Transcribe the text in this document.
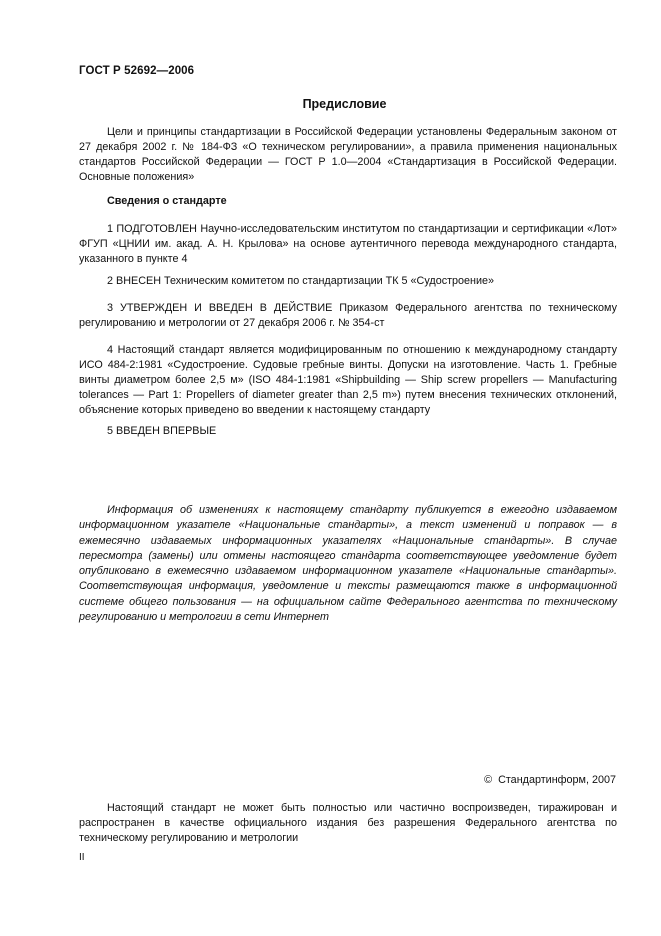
ГОСТ Р 52692—2006
Предисловие

Цели и принципы стандартизации в Российской Федерации установлены Федеральным законом от 27 декабря 2002 г. № 184-ФЗ «О техническом регулировании», а правила применения национальных стандартов Российской Федерации — ГОСТ Р 1.0—2004 «Стандартизация в Российской Федерации. Основные положения»

Сведения о стандарте
1 ПОДГОТОВЛЕН Научно-исследовательским институтом по стандартизации и сертификации «Лот» ФГУП «ЦНИИ им. акад. А. Н. Крылова» на основе аутентичного перевода международного стандарта, указанного в пункте 4
2 ВНЕСЕН Техническим комитетом по стандартизации ТК 5 «Судостроение»
3 УТВЕРЖДЕН И ВВЕДЕН В ДЕЙСТВИЕ Приказом Федерального агентства по техническому регулированию и метрологии от 27 декабря 2006 г. № 354-ст
4 Настоящий стандарт является модифицированным по отношению к международному стандарту ИСО 484-2:1981 «Судостроение. Судовые гребные винты. Допуски на изготовление. Часть 1. Гребные винты диаметром более 2,5 м» (ISO 484-1:1981 «Shipbuilding — Ship screw propellers — Manufacturing tolerances — Part 1: Propellers of diameter greater than 2,5 m») путем внесения технических отклонений, объяснение которых приведено во введении к настоящему стандарту
5 ВВЕДЕН ВПЕРВЫЕ
Информация об изменениях к настоящему стандарту публикуется в ежегодно издаваемом информационном указателе «Национальные стандарты», а текст изменений и поправок — в ежемесячно издаваемых информационных указателях «Национальные стандарты». В случае пересмотра (замены) или отмены настоящего стандарта соответствующее уведомление будет опубликовано в ежемесячно издаваемом информационном указателе «Национальные стандарты». Соответствующая информация, уведомление и тексты размещаются также в информационной системе общего пользования — на официальном сайте Федерального агентства по техническому регулированию и метрологии в сети Интернет
© Стандартинформ, 2007
Настоящий стандарт не может быть полностью или частично воспроизведен, тиражирован и распространен в качестве официального издания без разрешения Федерального агентства по техническому регулированию и метрологии
II
